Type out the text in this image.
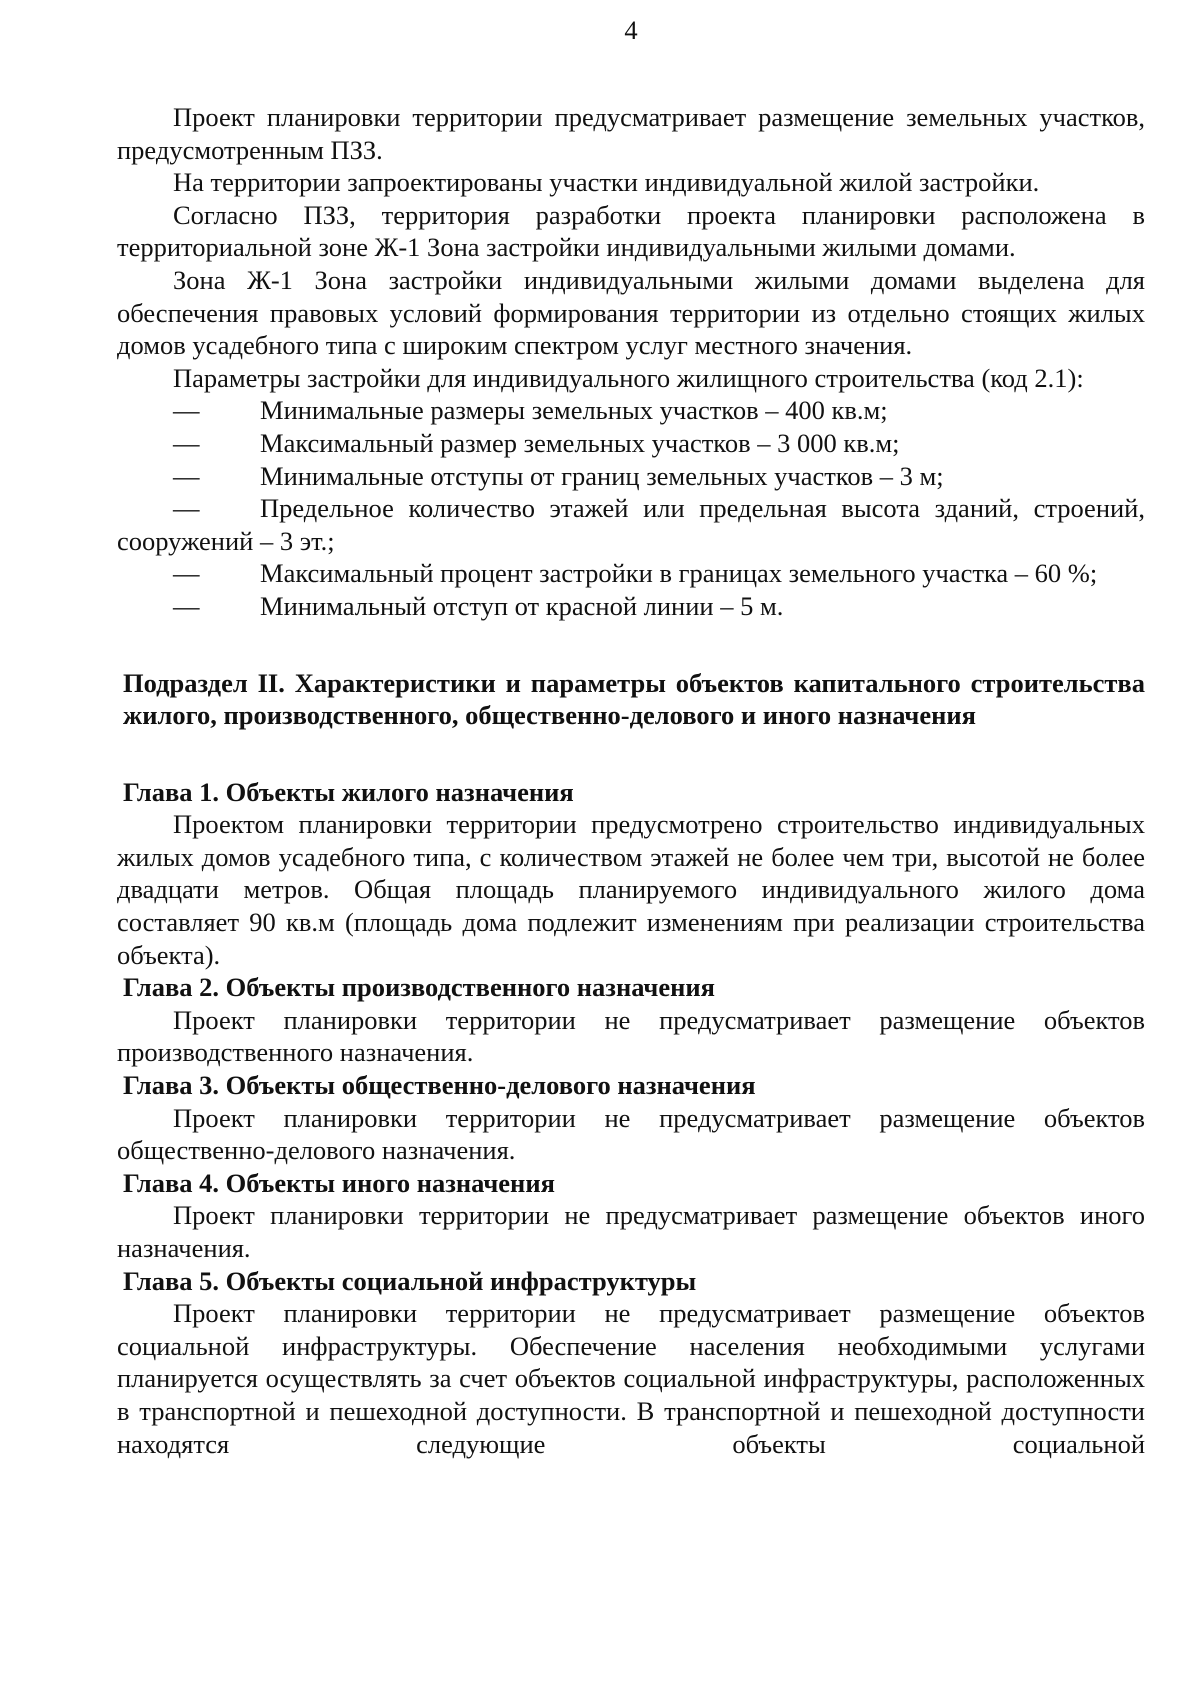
4

Проект планировки территории предусматривает размещение земельных участков, предусмотренным ПЗЗ.

На территории запроектированы участки индивидуальной жилой застройки.

Согласно ПЗЗ, территория разработки проекта планировки расположена в территориальной зоне Ж-1 Зона застройки индивидуальными жилыми домами.

Зона Ж-1 Зона застройки индивидуальными жилыми домами выделена для обеспечения правовых условий формирования территории из отдельно стоящих жилых домов усадебного типа с широким спектром услуг местного значения.

Параметры застройки для индивидуального жилищного строительства (код 2.1):

— Минимальные размеры земельных участков – 400 кв.м;
— Максимальный размер земельных участков – 3 000 кв.м;
— Минимальные отступы от границ земельных участков – 3 м;
— Предельное количество этажей или предельная высота зданий, строений, сооружений – 3 эт.;
— Максимальный процент застройки в границах земельного участка – 60 %;
— Минимальный отступ от красной линии – 5 м.
Подраздел II. Характеристики и параметры объектов капитального строительства жилого, производственного, общественно-делового и иного назначения
Глава 1. Объекты жилого назначения

Проектом планировки территории предусмотрено строительство индивидуальных жилых домов усадебного типа, с количеством этажей не более чем три, высотой не более двадцати метров. Общая площадь планируемого индивидуального жилого дома составляет 90 кв.м (площадь дома подлежит изменениям при реализации строительства объекта).

Глава 2. Объекты производственного назначения

Проект планировки территории не предусматривает размещение объектов производственного назначения.

Глава 3. Объекты общественно-делового назначения

Проект планировки территории не предусматривает размещение объектов общественно-делового назначения.

Глава 4. Объекты иного назначения

Проект планировки территории не предусматривает размещение объектов иного назначения.

Глава 5. Объекты социальной инфраструктуры

Проект планировки территории не предусматривает размещение объектов социальной инфраструктуры. Обеспечение населения необходимыми услугами планируется осуществлять за счет объектов социальной инфраструктуры, расположенных в транспортной и пешеходной доступности. В транспортной и пешеходной доступности находятся следующие объекты социальной
